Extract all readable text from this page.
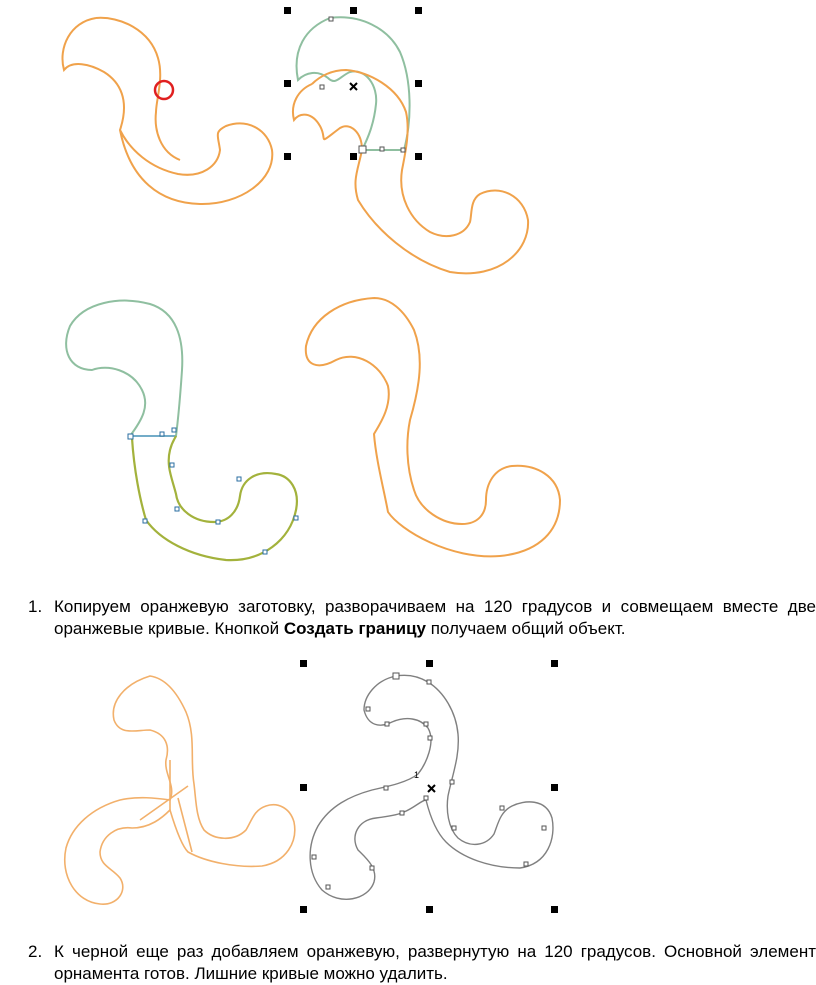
1. Копируем оранжевую заготовку, разворачиваем на 120 градусов и совмещаем вместе две оранжевые кривые. Кнопкой Создать границу получаем общий объект.
1
2. К черной еще раз добавляем оранжевую, развернутую на 120 градусов. Основной элемент орнамента готов. Лишние кривые можно удалить.
